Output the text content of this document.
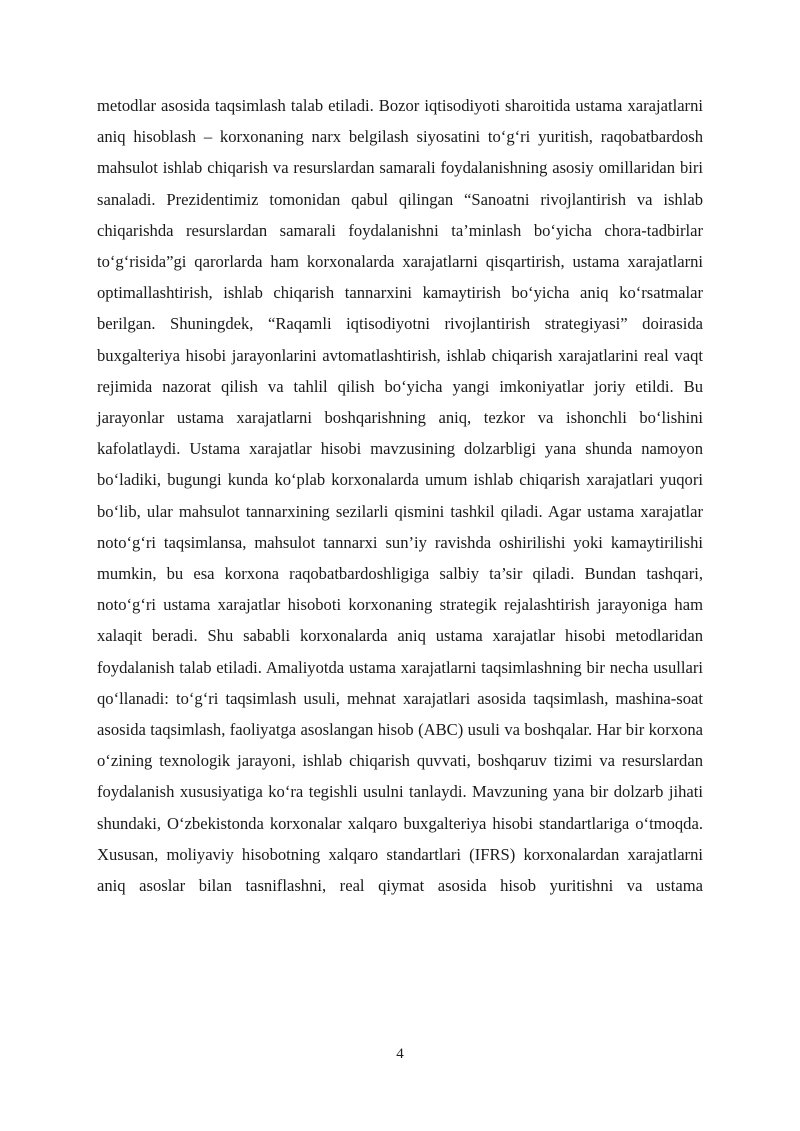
metodlar asosida taqsimlash talab etiladi. Bozor iqtisodiyoti sharoitida ustama xarajatlarni aniq hisoblash – korxonaning narx belgilash siyosatini to‘g‘ri yuritish, raqobatbardosh mahsulot ishlab chiqarish va resurslardan samarali foydalanishning asosiy omillaridan biri sanaladi. Prezidentimiz tomonidan qabul qilingan “Sanoatni rivojlantirish va ishlab chiqarishda resurslardan samarali foydalanishni ta’minlash bo‘yicha chora-tadbirlar to‘g‘risida”gi qarorlarda ham korxonalarda xarajatlarni qisqartirish, ustama xarajatlarni optimallashtirish, ishlab chiqarish tannarxini kamaytirish bo‘yicha aniq ko‘rsatmalar berilgan. Shuningdek, “Raqamli iqtisodiyotni rivojlantirish strategiyasi” doirasida buxgalteriya hisobi jarayonlarini avtomatlashtirish, ishlab chiqarish xarajatlarini real vaqt rejimida nazorat qilish va tahlil qilish bo‘yicha yangi imkoniyatlar joriy etildi. Bu jarayonlar ustama xarajatlarni boshqarishning aniq, tezkor va ishonchli bo‘lishini kafolatlaydi. Ustama xarajatlar hisobi mavzusining dolzarbligi yana shunda namoyon bo‘ladiki, bugungi kunda ko‘plab korxonalarda umum ishlab chiqarish xarajatlari yuqori bo‘lib, ular mahsulot tannarxining sezilarli qismini tashkil qiladi. Agar ustama xarajatlar noto‘g‘ri taqsimlansa, mahsulot tannarxi sun’iy ravishda oshirilishi yoki kamaytirilishi mumkin, bu esa korxona raqobatbardoshligiga salbiy ta’sir qiladi. Bundan tashqari, noto‘g‘ri ustama xarajatlar hisoboti korxonaning strategik rejalashtirish jarayoniga ham xalaqit beradi. Shu sababli korxonalarda aniq ustama xarajatlar hisobi metodlaridan foydalanish talab etiladi. Amaliyotda ustama xarajatlarni taqsimlashning bir necha usullari qo‘llanadi: to‘g‘ri taqsimlash usuli, mehnat xarajatlari asosida taqsimlash, mashina-soat asosida taqsimlash, faoliyatga asoslangan hisob (ABC) usuli va boshqalar. Har bir korxona o‘zining texnologik jarayoni, ishlab chiqarish quvvati, boshqaruv tizimi va resurslardan foydalanish xususiyatiga ko‘ra tegishli usulni tanlaydi. Mavzuning yana bir dolzarb jihati shundaki, O‘zbekistonda korxonalar xalqaro buxgalteriya hisobi standartlariga o‘tmoqda. Xususan, moliyaviy hisobotning xalqaro standartlari (IFRS) korxonalardan xarajatlarni aniq asoslar bilan tasniflashni, real qiymat asosida hisob yuritishni va ustama

4
